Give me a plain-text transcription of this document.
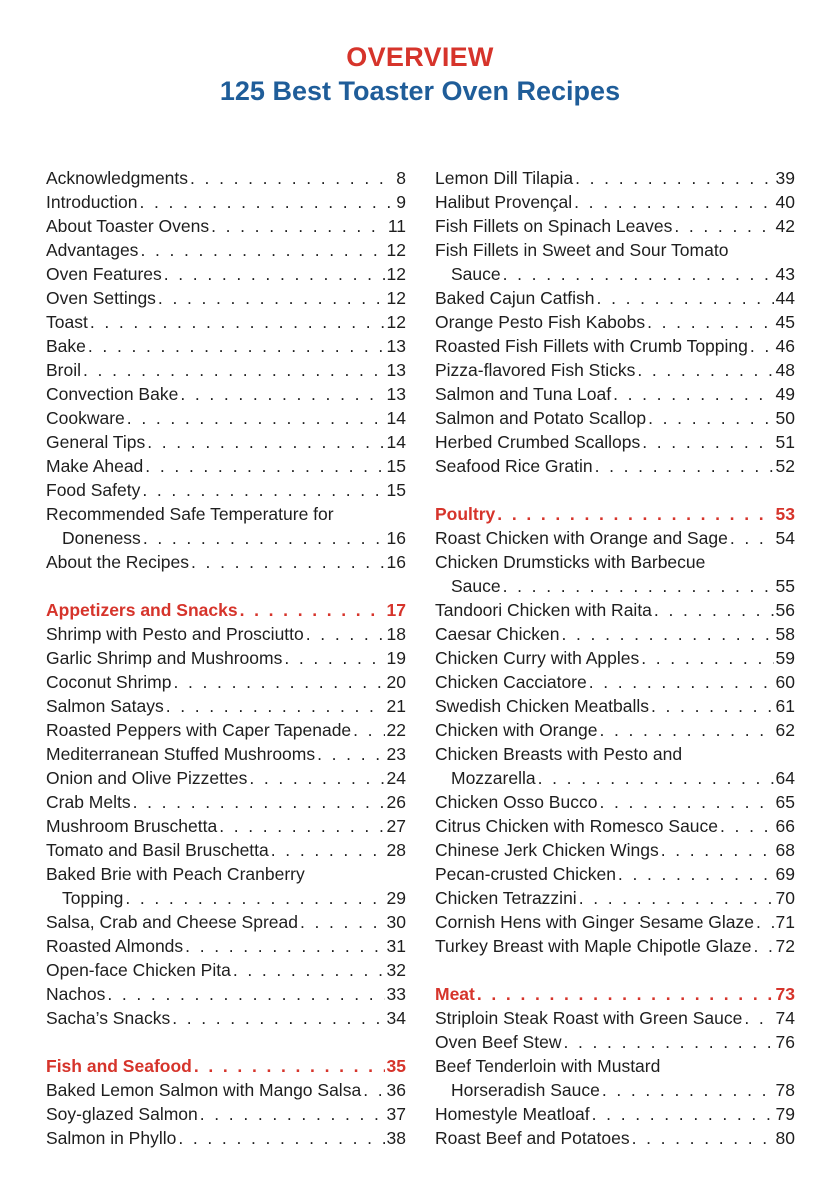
OVERVIEW
125 Best Toaster Oven Recipes
Acknowledgments . . .	8
Introduction . . .	9
About Toaster Ovens . . .	11
Advantages . . .	12
Oven Features . . .	12
Oven Settings . . .	12
Toast . . .	12
Bake . . .	13
Broil . . .	13
Convection Bake . . .	13
Cookware . . .	14
General Tips . . .	14
Make Ahead . . .	15
Food Safety . . .	15
Recommended Safe Temperature for
Doneness . . .	16
About the Recipes . . .	16
Appetizers and Snacks . . .	17
Shrimp with Pesto and Prosciutto . . .	18
Garlic Shrimp and Mushrooms . . .	19
Coconut Shrimp . . .	20
Salmon Satays . . .	21
Roasted Peppers with Caper Tapenade . . . 22
Mediterranean Stuffed Mushrooms . . .	23
Onion and Olive Pizzettes . . .	24
Crab Melts . . .	26
Mushroom Bruschetta . . .	27
Tomato and Basil Bruschetta . . .	28
Baked Brie with Peach Cranberry
Topping . . .	29
Salsa, Crab and Cheese Spread . . .	30
Roasted Almonds . . .	31
Open-face Chicken Pita . . .	32
Nachos . . .	33
Sacha’s Snacks . . .	34
Fish and Seafood . . .	35
Baked Lemon Salmon with Mango Salsa . . . 36
Soy-glazed Salmon . . .	37
Salmon in Phyllo . . .	38
Lemon Dill Tilapia . . .	39
Halibut Provençal . . .	40
Fish Fillets on Spinach Leaves . . .	42
Fish Fillets in Sweet and Sour Tomato
Sauce . . .	43
Baked Cajun Catfish . . .	44
Orange Pesto Fish Kabobs . . .	45
Roasted Fish Fillets with Crumb Topping . . . 46
Pizza-flavored Fish Sticks . . .	48
Salmon and Tuna Loaf . . .	49
Salmon and Potato Scallop . . .	50
Herbed Crumbed Scallops . . .	51
Seafood Rice Gratin . . .	52
Poultry . . .	53
Roast Chicken with Orange and Sage . . .	54
Chicken Drumsticks with Barbecue
Sauce . . .	55
Tandoori Chicken with Raita . . .	56
Caesar Chicken . . .	58
Chicken Curry with Apples . . .	59
Chicken Cacciatore . . .	60
Swedish Chicken Meatballs . . .	61
Chicken with Orange . . .	62
Chicken Breasts with Pesto and
Mozzarella . . .	64
Chicken Osso Bucco . . .	65
Citrus Chicken with Romesco Sauce . . .	66
Chinese Jerk Chicken Wings . . .	68
Pecan-crusted Chicken . . .	69
Chicken Tetrazzini . . .	70
Cornish Hens with Ginger Sesame Glaze . . . 71
Turkey Breast with Maple Chipotle Glaze . . . 72
Meat . . .	73
Striploin Steak Roast with Green Sauce . . . 74
Oven Beef Stew . . .	76
Beef Tenderloin with Mustard
Horseradish Sauce . . .	78
Homestyle Meatloaf . . .	79
Roast Beef and Potatoes . . .	80
